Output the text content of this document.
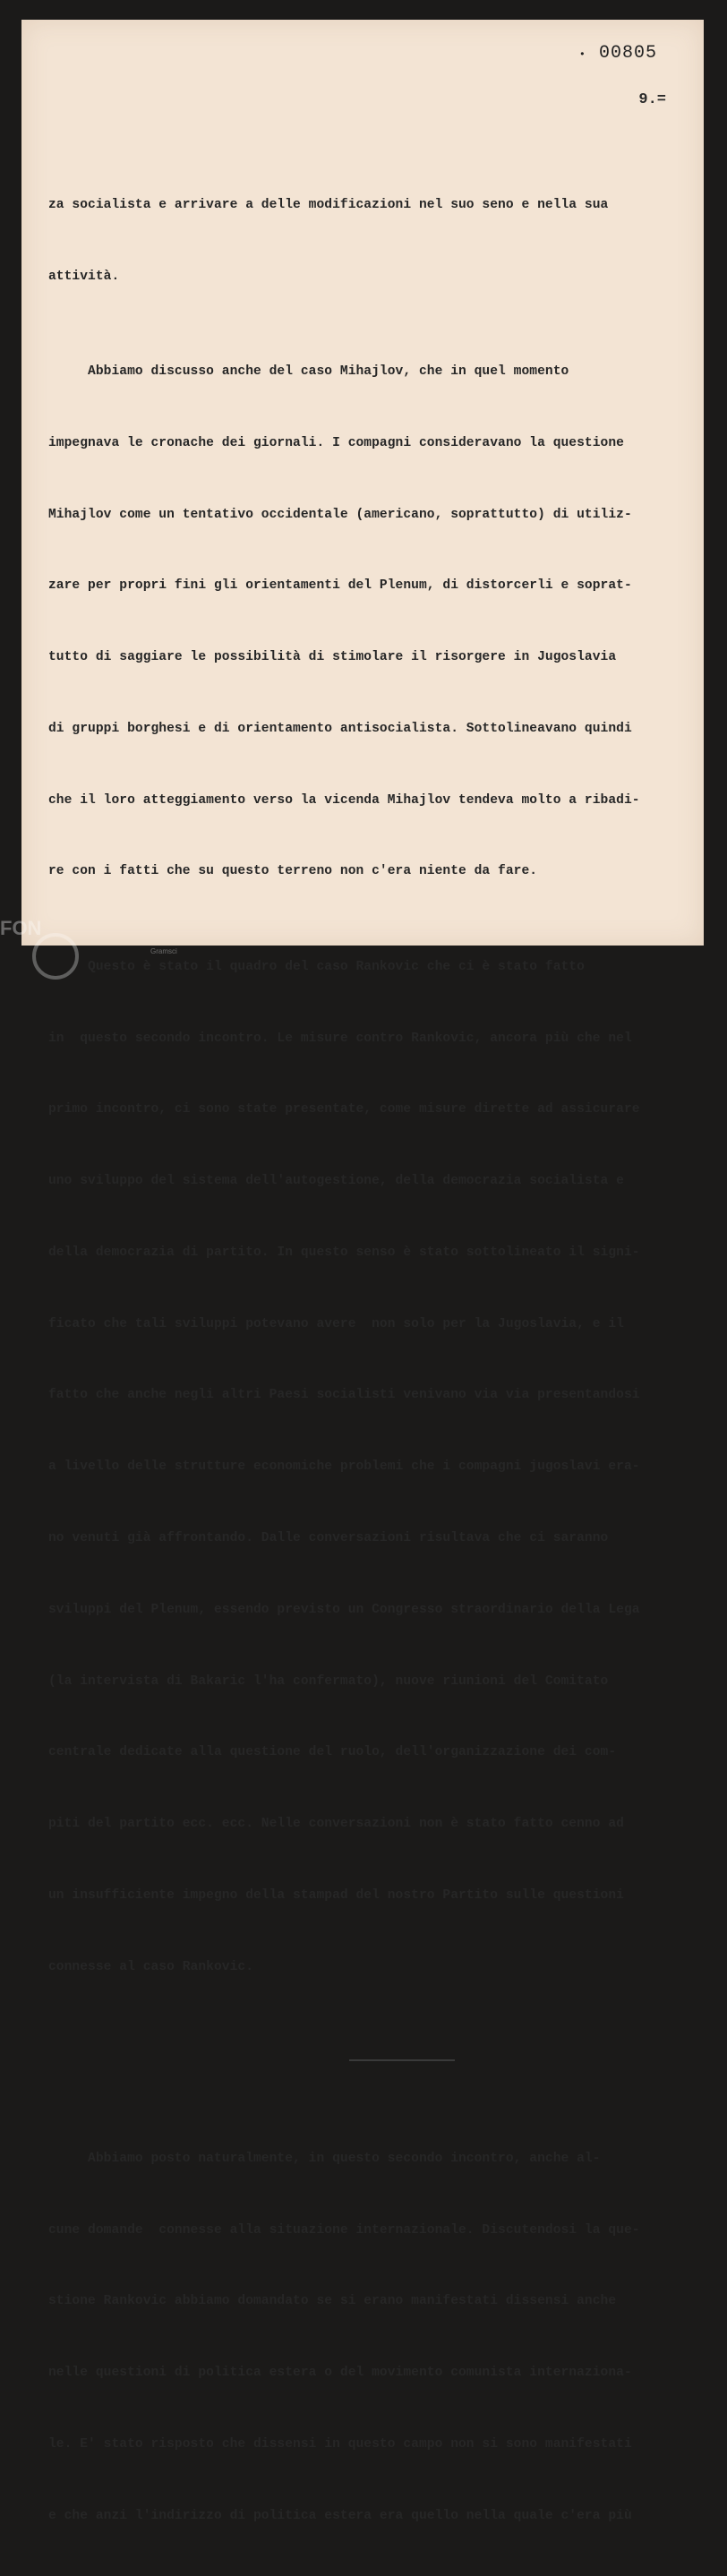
• 00805
9.=

za socialista e arrivare a delle modificazioni nel suo seno e nella sua

attività.

Abbiamo discusso anche del caso Mihajlov, che in quel momento

impegnava le cronache dei giornali. I compagni consideravano la questione

Mihajlov come un tentativo occidentale (americano, soprattutto) di utiliz-

zare per propri fini gli orientamenti del Plenum, di distorcerli e soprat-

tutto di saggiare le possibilità di stimolare il risorgere in Jugoslavia

di gruppi borghesi e di orientamento antisocialista. Sottolineavano quindi

che il loro atteggiamento verso la vicenda Mihajlov tendeva molto a ribadi-

re con i fatti che su questo terreno non c'era niente da fare.

Questo è stato il quadro del caso Rankovic che ci è stato fatto

in  questo secondo incontro. Le misure contro Rankovic, ancora più che nel

primo incontro, ci sono state presentate, come misure dirette ad assicurare

uno sviluppo del sistema dell'autogestione, della democrazia socialista e

della democrazia di partito. In questo senso è stato sottolineato il signi-

ficato che tali sviluppi potevano avere  non solo per la Jugoslavia, e il

fatto che anche negli altri Paesi socialisti venivano via via presentandosi

a livello delle strutture economiche problemi che i compagni jugoslavi era-

no venuti già affrontando. Dalle conversazioni risultava che ci saranno

sviluppi del Plenum, essendo previsto un Congresso straordinario della Lega

(la intervista di Bakaric l'ha confermato), nuove riunioni del Comitato

centrale dedicate alla questione del ruolo, dell'organizzazione dei com-

piti del partito ecc. ecc. Nelle conversazioni non è stato fatto cenno ad

un insufficiente impegno della stampad del nostro Partito sulle questioni

connesse al caso Rankovic.

Abbiamo posto naturalmente, in questo secondo incontro, anche al-

cune domande  connesse alla situazione internazionale. Discutendosi la que-

stione Rankovic abbiamo domandato se si erano manifestati dissensi anche

nelle questioni di politica estera o del movimento comunista internaziona-

le. E' stato risposto che dissensi in questo campo non si sono manifestati

e che anzi l'indirizzo di politica estera era quello nella quale c'era più

FON
Gramsci
